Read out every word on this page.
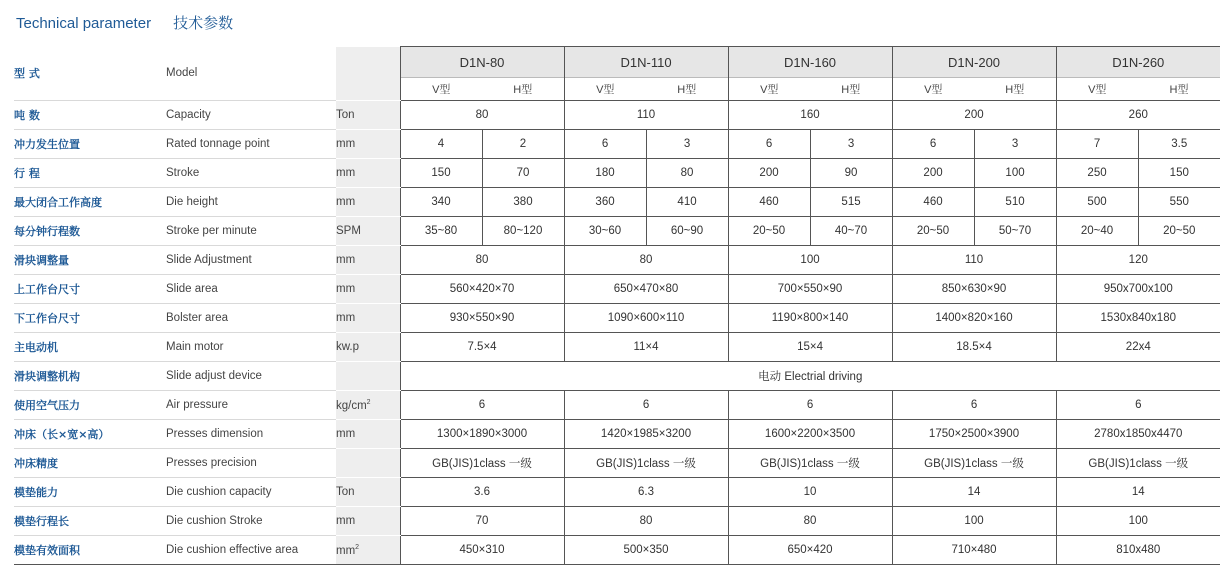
Technical parameter 技术参数
型 式	Model		D1N-80		D1N-110		D1N-160		D1N-200		D1N-260	
			V型	H型	V型	H型	V型	H型	V型	H型	V型	H型
吨 数	Capacity	Ton	80		110		160		200		260	
冲力发生位置	Rated tonnage point	mm	4	2	6	3	6	3	6	3	7	3.5
行 程	Stroke	mm	150	70	180	80	200	90	200	100	250	150
最大闭合工作高度	Die height	mm	340	380	360	410	460	515	460	510	500	550
每分钟行程数	Stroke per minute	SPM	35~80	80~120	30~60	60~90	20~50	40~70	20~50	50~70	20~40	20~50
滑块调整量	Slide Adjustment	mm	80		80		100		110		120	
上工作台尺寸	Slide area	mm	560×420×70		650×470×80		700×550×90		850×630×90		950x700x100	
下工作台尺寸	Bolster area	mm	930×550×90		1090×600×110		1190×800×140		1400×820×160		1530x840x180	
主电动机	Main motor	kw.p	7.5×4		11×4		15×4		18.5×4		22x4	
滑块调整机构	Slide adjust device		电动 Electrial driving									
使用空气压力	Air pressure	$kg/cm^2$	6		6		6		6		6	
冲床（长×宽×高）	Presses dimension	mm	1300×1890×3000		1420×1985×3200		1600×2200×3500		1750×2500×3900		2780x1850x4470	
冲床精度	Presses precision		GB(JIS)1class 一级		GB(JIS)1class 一级		GB(JIS)1class 一级		GB(JIS)1class 一级		GB(JIS)1class 一级	
模垫能力	Die cushion capacity	Ton	3.6		6.3		10		14		14	
模垫行程长	Die cushion Stroke	mm	70		80		80		100		100	
模垫有效面积	Die cushion effective area	$mm^2$	450×310		500×350		650×420		710×480		810x480	
